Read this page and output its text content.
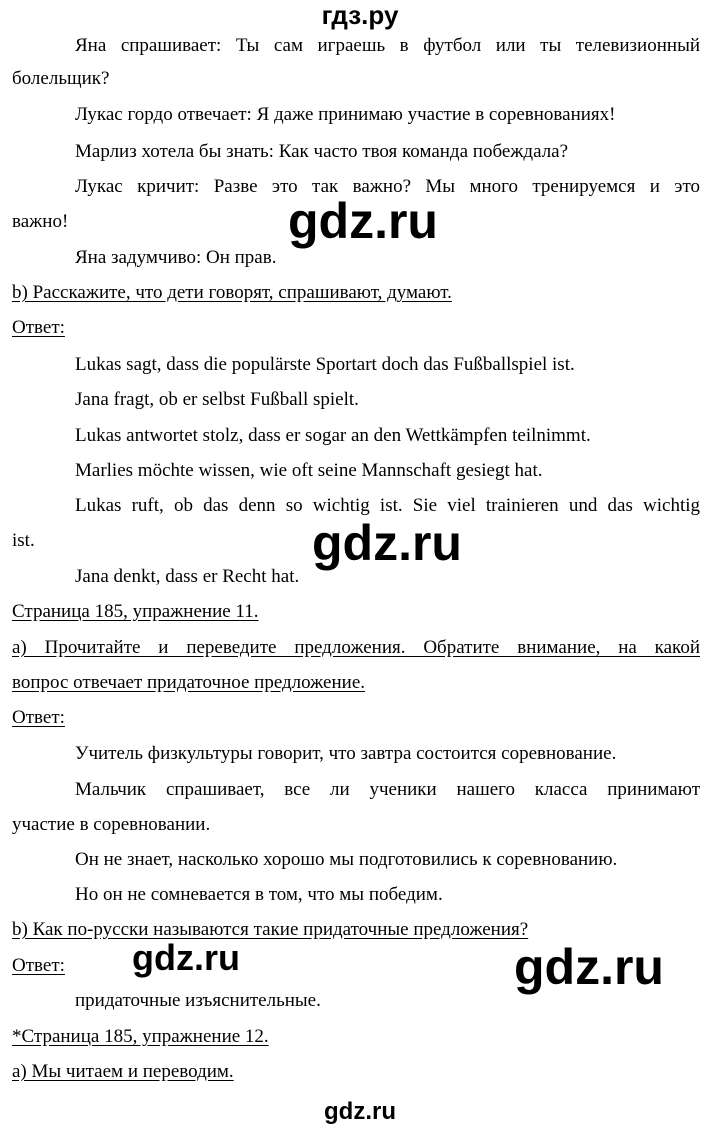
гдз.ру
Яна спрашивает: Ты сам играешь в футбол или ты телевизионный
болельщик?
Лукас гордо отвечает: Я даже принимаю участие в соревнованиях!
Марлиз хотела бы знать: Как часто твоя команда побеждала?
Лукас кричит: Разве это так важно? Мы много тренируемся и это
важно!
Яна задумчиво: Он прав.
b) Расскажите, что дети говорят, спрашивают, думают.
Ответ:
Lukas sagt, dass die populärste Sportart doch das Fußballspiel ist.
Jana fragt, ob er selbst Fußball spielt.
Lukas antwortet stolz, dass er sogar an den Wettkämpfen teilnimmt.
Marlies möchte wissen, wie oft seine Mannschaft gesiegt hat.
Lukas ruft, ob das denn so wichtig ist. Sie viel trainieren und das wichtig
ist.
Jana denkt, dass er Recht hat.
Страница 185, упражнение 11.
a) Прочитайте и переведите предложения. Обратите внимание, на какой
вопрос отвечает придаточное предложение.
Ответ:
Учитель физкультуры говорит, что завтра состоится соревнование.
Мальчик спрашивает, все ли ученики нашего класса принимают
участие в соревновании.
Он не знает, насколько хорошо мы подготовились к соревнованию.
Но он не сомневается в том, что мы победим.
b) Как по-русски называются такие придаточные предложения?
Ответ:
придаточные изъяснительные.
*Страница 185, упражнение 12.
a) Мы читаем и переводим.
gdz.ru
gdz.ru
gdz.ru	gdz.ru
gdz.ru
